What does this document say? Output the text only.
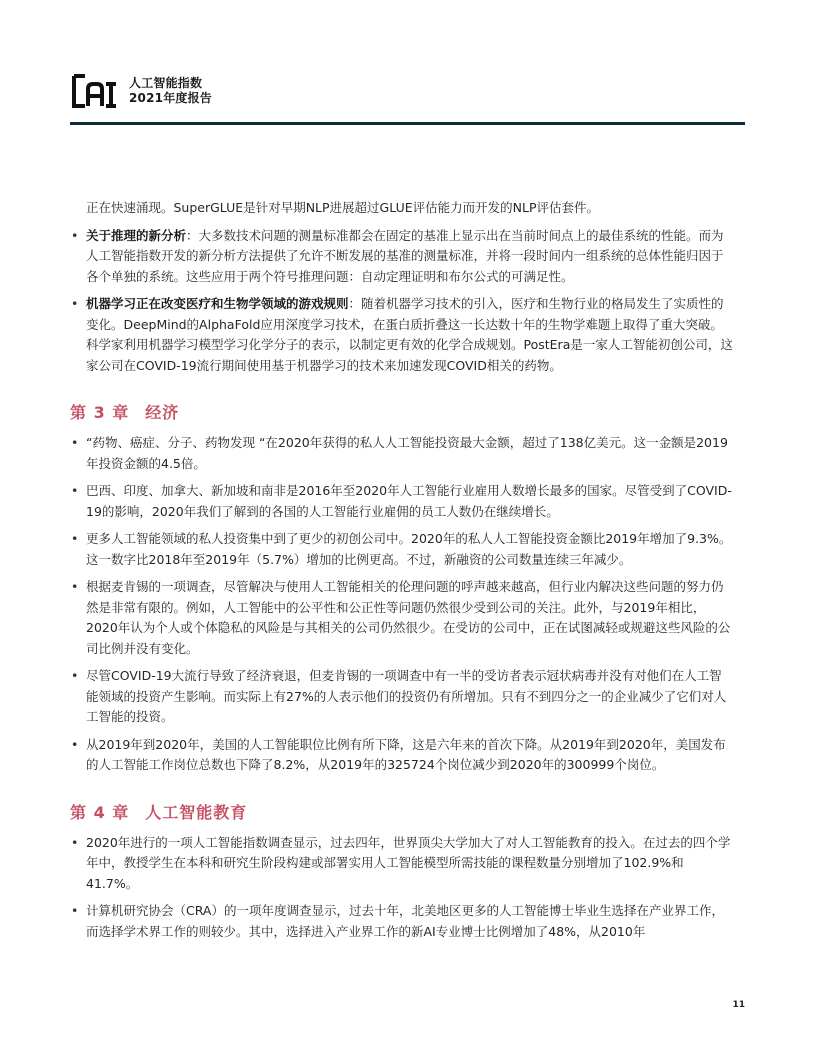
人工智能指数
2021年度报告

正在快速涌现。SuperGLUE是针对早期NLP进展超过GLUE评估能力而开发的NLP评估套件。

• 关于推理的新分析：大多数技术问题的测量标准都会在固定的基准上显示出在当前时间点上的最佳系统的性能。而为人工智能指数开发的新分析方法提供了允许不断发展的基准的测量标准，并将一段时间内一组系统的总体性能归因于各个单独的系统。这些应用于两个符号推理问题：自动定理证明和布尔公式的可满足性。
• 机器学习正在改变医疗和生物学领域的游戏规则：随着机器学习技术的引入，医疗和生物行业的格局发生了实质性的变化。DeepMind的AlphaFold应用深度学习技术，在蛋白质折叠这一长达数十年的生物学难题上取得了重大突破。科学家利用机器学习模型学习化学分子的表示，以制定更有效的化学合成规划。PostEra是一家人工智能初创公司，这家公司在COVID-19流行期间使用基于机器学习的技术来加速发现COVID相关的药物。
第 3 章 经济
• “药物、癌症、分子、药物发现 “在2020年获得的私人人工智能投资最大金额，超过了138亿美元。这一金额是2019年投资金额的4.5倍。
• 巴西、印度、加拿大、新加坡和南非是2016年至2020年人工智能行业雇用人数增长最多的国家。尽管受到了COVID-19的影响，2020年我们了解到的各国的人工智能行业雇佣的员工人数仍在继续增长。
• 更多人工智能领域的私人投资集中到了更少的初创公司中。2020年的私人人工智能投资金额比2019年增加了9.3%。这一数字比2018年至2019年（5.7%）增加的比例更高。不过，新融资的公司数量连续三年减少。
• 根据麦肯锡的一项调查，尽管解决与使用人工智能相关的伦理问题的呼声越来越高，但行业内解决这些问题的努力仍然是非常有限的。例如，人工智能中的公平性和公正性等问题仍然很少受到公司的关注。此外，与2019年相比，2020年认为个人或个体隐私的风险是与其相关的公司仍然很少。在受访的公司中，正在试图减轻或规避这些风险的公司比例并没有变化。
• 尽管COVID-19大流行导致了经济衰退，但麦肯锡的一项调查中有一半的受访者表示冠状病毒并没有对他们在人工智能领域的投资产生影响。而实际上有27%的人表示他们的投资仍有所增加。只有不到四分之一的企业减少了它们对人工智能的投资。
• 从2019年到2020年，美国的人工智能职位比例有所下降，这是六年来的首次下降。从2019年到2020年，美国发布的人工智能工作岗位总数也下降了8.2%，从2019年的325724个岗位减少到2020年的300999个岗位。
第 4 章 人工智能教育
• 2020年进行的一项人工智能指数调查显示，过去四年，世界顶尖大学加大了对人工智能教育的投入。在过去的四个学年中，教授学生在本科和研究生阶段构建或部署实用人工智能模型所需技能的课程数量分别增加了102.9%和41.7%。
• 计算机研究协会（CRA）的一项年度调查显示，过去十年，北美地区更多的人工智能博士毕业生选择在产业界工作，而选择学术界工作的则较少。其中，选择进入产业界工作的新AI专业博士比例增加了48%，从2010年
11
